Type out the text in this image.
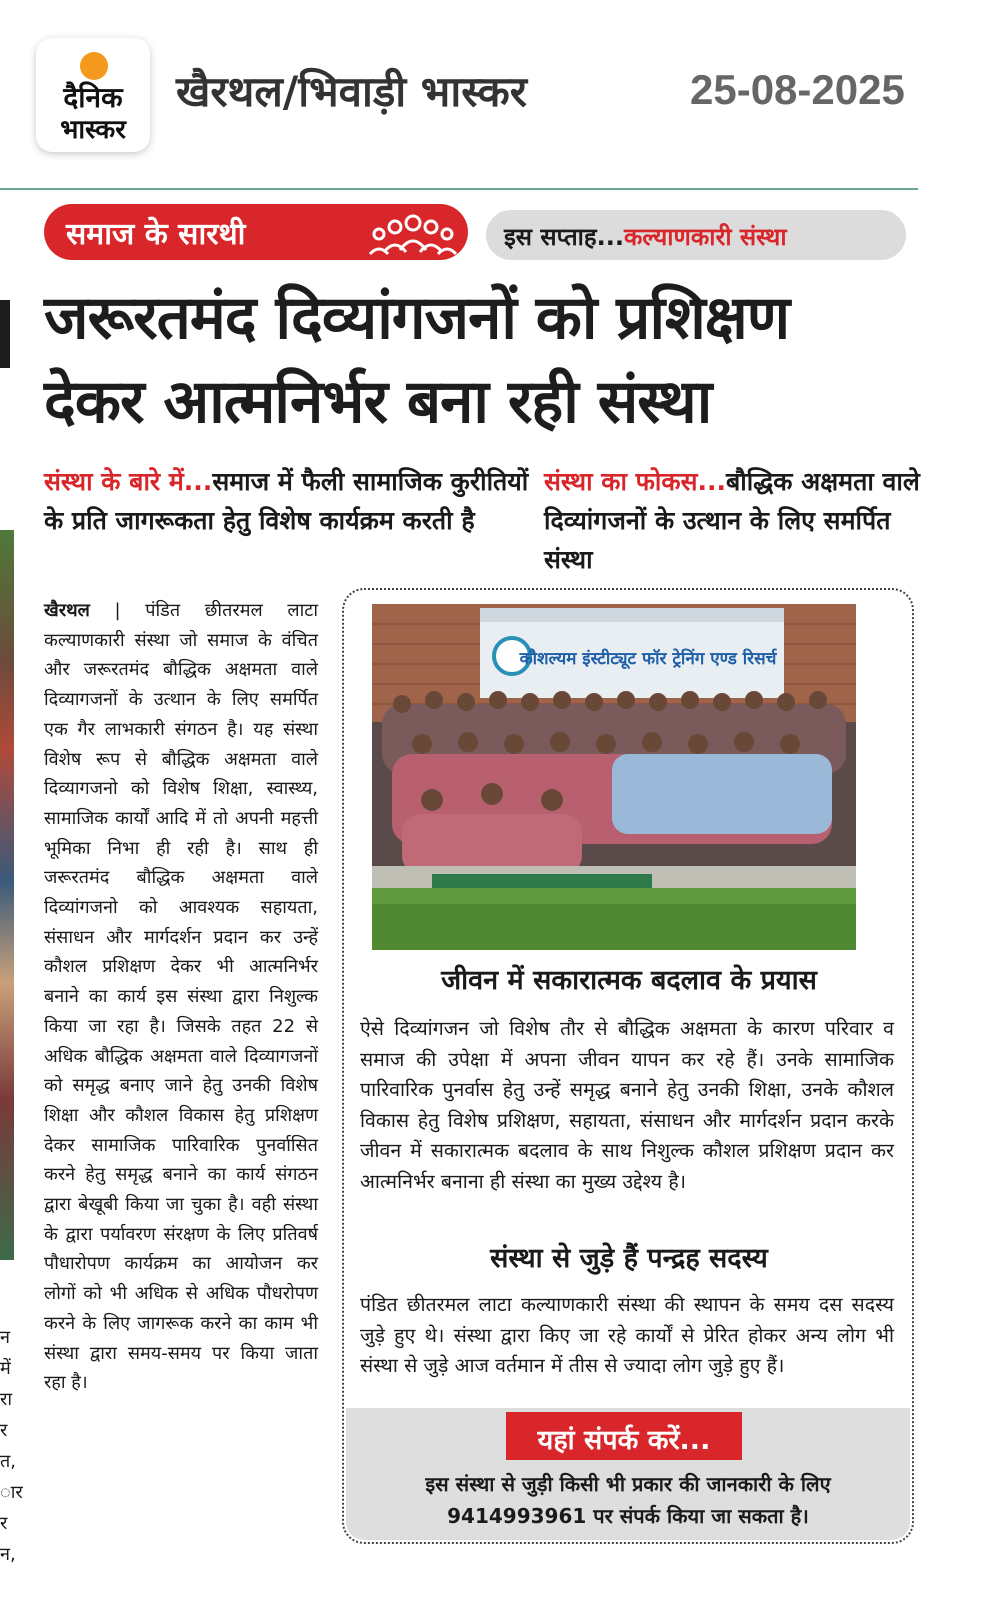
दैनिक
भास्कर
खैरथल/भिवाड़ी भास्कर	25-08-2025
समाज के सारथी	इस सप्ताह...कल्याणकारी संस्था
जरूरतमंद दिव्यांगजनों को प्रशिक्षण
देकर आत्मनिर्भर बना रही संस्था
संस्था के बारे में...समाज में फैली सामाजिक कुरीतियों के प्रति जागरूकता हेतु विशेष कार्यक्रम करती है
संस्था का फोकस...बौद्धिक अक्षमता वाले दिव्यांगजनों के उत्थान के लिए समर्पित संस्था
न
में
रा
र
त,
ार
र
न,
खैरथल | पंडित छीतरमल लाटा कल्याणकारी संस्था जो समाज के वंचित और जरूरतमंद बौद्धिक अक्षमता वाले दिव्यागजनों के उत्थान के लिए समर्पित एक गैर लाभकारी संगठन है। यह संस्था विशेष रूप से बौद्धिक अक्षमता वाले दिव्यागजनो को विशेष शिक्षा, स्वास्थ्य, सामाजिक कार्यों आदि में तो अपनी महत्ती भूमिका निभा ही रही है। साथ ही जरूरतमंद बौद्धिक अक्षमता वाले दिव्यांगजनो को आवश्यक सहायता, संसाधन और मार्गदर्शन प्रदान कर उन्हें कौशल प्रशिक्षण देकर भी आत्मनिर्भर बनाने का कार्य इस संस्था द्वारा निशुल्क किया जा रहा है। जिसके तहत 22 से अधिक बौद्धिक अक्षमता वाले दिव्यागजनों को समृद्ध बनाए जाने हेतु उनकी विशेष शिक्षा और कौशल विकास हेतु प्रशिक्षण देकर सामाजिक पारिवारिक पुनर्वासित करने हेतु समृद्ध बनाने का कार्य संगठन द्वारा बेखूबी किया जा चुका है। वही संस्था के द्वारा पर्यावरण संरक्षण के लिए प्रतिवर्ष पौधारोपण कार्यक्रम का आयोजन कर लोगों को भी अधिक से अधिक पौधरोपण करने के लिए जागरूक करने का काम भी संस्था द्वारा समय-समय पर किया जाता रहा है।
कौशल्यम इंस्टीट्यूट फॉर ट्रेनिंग एण्ड रिसर्च
जीवन में सकारात्मक बदलाव के प्रयास
ऐसे दिव्यांगजन जो विशेष तौर से बौद्धिक अक्षमता के कारण परिवार व समाज की उपेक्षा में अपना जीवन यापन कर रहे हैं। उनके सामाजिक पारिवारिक पुनर्वास हेतु उन्हें समृद्ध बनाने हेतु उनकी शिक्षा, उनके कौशल विकास हेतु विशेष प्रशिक्षण, सहायता, संसाधन और मार्गदर्शन प्रदान करके जीवन में सकारात्मक बदलाव के साथ निशुल्क कौशल प्रशिक्षण प्रदान कर आत्मनिर्भर बनाना ही संस्था का मुख्य उद्देश्य है।
संस्था से जुड़े हैं पन्द्रह सदस्य
पंडित छीतरमल लाटा कल्याणकारी संस्था की स्थापन के समय दस सदस्य जुड़े हुए थे। संस्था द्वारा किए जा रहे कार्यों से प्रेरित होकर अन्य लोग भी संस्था से जुड़े आज वर्तमान में तीस से ज्यादा लोग जुड़े हुए हैं।
यहां संपर्क करें...
इस संस्था से जुड़ी किसी भी प्रकार की जानकारी के लिए
9414993961 पर संपर्क किया जा सकता है।
